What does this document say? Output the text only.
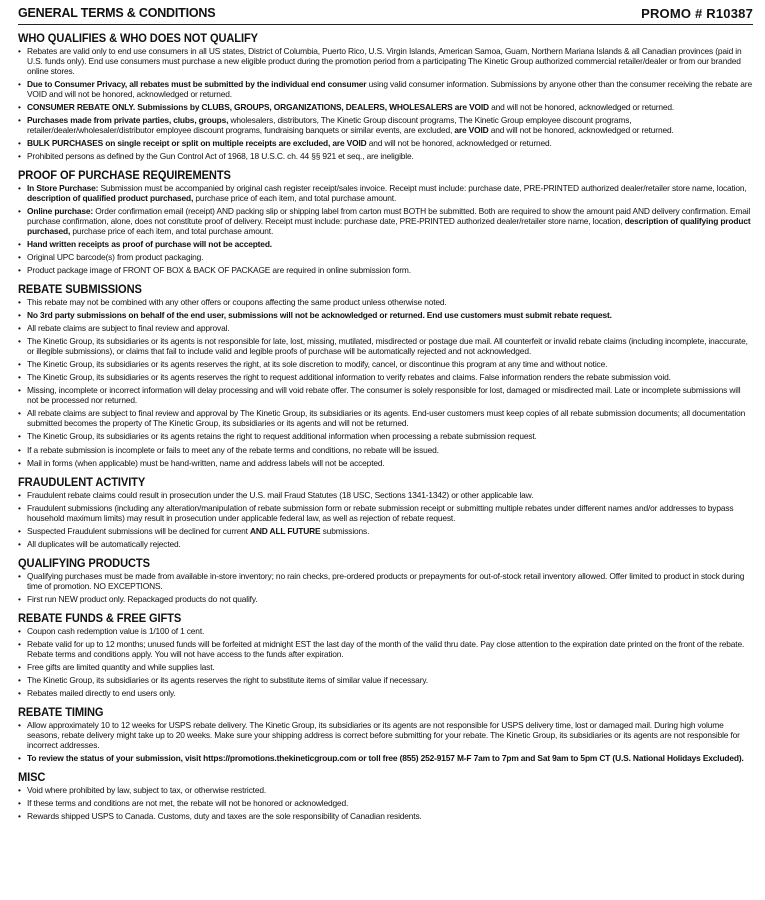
GENERAL TERMS & CONDITIONS	PROMO # R10387
WHO QUALIFIES & WHO DOES NOT QUALIFY
• Rebates are valid only to end use consumers in all US states, District of Columbia, Puerto Rico, U.S. Virgin Islands, American Samoa, Guam, Northern Mariana Islands & all Canadian provinces (paid in U.S. funds only). End use consumers must purchase a new eligible product during the promotion period from a participating The Kinetic Group authorized commercial retailer/dealer or from our branded online stores.
• Due to Consumer Privacy, all rebates must be submitted by the individual end consumer using valid consumer information. Submissions by anyone other than the consumer receiving the rebate are VOID and will not be honored, acknowledged or returned.
• CONSUMER REBATE ONLY. Submissions by CLUBS, GROUPS, ORGANIZATIONS, DEALERS, WHOLESALERS are VOID and will not be honored, acknowledged or returned.
• Purchases made from private parties, clubs, groups, wholesalers, distributors, The Kinetic Group discount programs, The Kinetic Group employee discount programs, retailer/dealer/wholesaler/distributor employee discount programs, fundraising banquets or similar events, are excluded, are VOID and will not be honored, acknowledged or returned.
• BULK PURCHASES on single receipt or split on multiple receipts are excluded, are VOID and will not be honored, acknowledged or returned.
• Prohibited persons as defined by the Gun Control Act of 1968, 18 U.S.C. ch. 44 §§ 921 et seq., are ineligible.
PROOF OF PURCHASE REQUIREMENTS
• In Store Purchase: Submission must be accompanied by original cash register receipt/sales invoice. Receipt must include: purchase date, PRE-PRINTED authorized dealer/retailer store name, location, description of qualified product purchased, purchase price of each item, and total purchase amount.
• Online purchase: Order confirmation email (receipt) AND packing slip or shipping label from carton must BOTH be submitted. Both are required to show the amount paid AND delivery confirmation. Email purchase confirmation, alone, does not constitute proof of delivery. Receipt must include: purchase date, PRE-PRINTED authorized dealer/retailer store name, location, description of qualifying product purchased, purchase price of each item, and total purchase amount.
• Hand written receipts as proof of purchase will not be accepted.
• Original UPC barcode(s) from product packaging.
• Product package image of FRONT OF BOX & BACK OF PACKAGE are required in online submission form.
REBATE SUBMISSIONS
• This rebate may not be combined with any other offers or coupons affecting the same product unless otherwise noted.
• No 3rd party submissions on behalf of the end user, submissions will not be acknowledged or returned. End use customers must submit rebate request.
• All rebate claims are subject to final review and approval.
• The Kinetic Group, its subsidiaries or its agents is not responsible for late, lost, missing, mutilated, misdirected or postage due mail. All counterfeit or invalid rebate claims (including incomplete, inaccurate, or illegible submissions), or claims that fail to include valid and legible proofs of purchase will be automatically rejected and not acknowledged.
• The Kinetic Group, its subsidiaries or its agents reserves the right, at its sole discretion to modify, cancel, or discontinue this program at any time and without notice.
• The Kinetic Group, its subsidiaries or its agents reserves the right to request additional information to verify rebates and claims. False information renders the rebate submission void.
• Missing, incomplete or incorrect information will delay processing and will void rebate offer. The consumer is solely responsible for lost, damaged or misdirected mail. Late or incomplete submissions will not be processed nor returned.
• All rebate claims are subject to final review and approval by The Kinetic Group, its subsidiaries or its agents. End-user customers must keep copies of all rebate submission documents; all documentation submitted becomes the property of The Kinetic Group, its subsidiaries or its agents and will not be returned.
• The Kinetic Group, its subsidiaries or its agents retains the right to request additional information when processing a rebate submission request.
• If a rebate submission is incomplete or fails to meet any of the rebate terms and conditions, no rebate will be issued.
• Mail in forms (when applicable) must be hand-written, name and address labels will not be accepted.
FRAUDULENT ACTIVITY
• Fraudulent rebate claims could result in prosecution under the U.S. mail Fraud Statutes (18 USC, Sections 1341-1342) or other applicable law.
• Fraudulent submissions (including any alteration/manipulation of rebate submission form or rebate submission receipt or submitting multiple rebates under different names and/or addresses to bypass household maximum limits) may result in prosecution under applicable federal law, as well as rejection of rebate request.
• Suspected Fraudulent submissions will be declined for current AND ALL FUTURE submissions.
• All duplicates will be automatically rejected.
QUALIFYING PRODUCTS
• Qualifying purchases must be made from available in-store inventory; no rain checks, pre-ordered products or prepayments for out-of-stock retail inventory allowed. Offer limited to product in stock during time of promotion. NO EXCEPTIONS.
• First run NEW product only. Repackaged products do not qualify.
REBATE FUNDS & FREE GIFTS
• Coupon cash redemption value is 1/100 of 1 cent.
• Rebate valid for up to 12 months; unused funds will be forfeited at midnight EST the last day of the month of the valid thru date. Pay close attention to the expiration date printed on the front of the rebate. Rebate terms and conditions apply. You will not have access to the funds after expiration.
• Free gifts are limited quantity and while supplies last.
• The Kinetic Group, its subsidiaries or its agents reserves the right to substitute items of similar value if necessary.
• Rebates mailed directly to end users only.
REBATE TIMING
• Allow approximately 10 to 12 weeks for USPS rebate delivery. The Kinetic Group, its subsidiaries or its agents are not responsible for USPS delivery time, lost or damaged mail. During high volume seasons, rebate delivery might take up to 20 weeks. Make sure your shipping address is correct before submitting for your rebate. The Kinetic Group, its subsidiaries or its agents are not responsible for incorrect addresses.
• To review the status of your submission, visit https://promotions.thekineticgroup.com or toll free (855) 252-9157 M-F 7am to 7pm and Sat 9am to 5pm CT (U.S. National Holidays Excluded).
MISC
• Void where prohibited by law, subject to tax, or otherwise restricted.
• If these terms and conditions are not met, the rebate will not be honored or acknowledged.
• Rewards shipped USPS to Canada. Customs, duty and taxes are the sole responsibility of Canadian residents.
